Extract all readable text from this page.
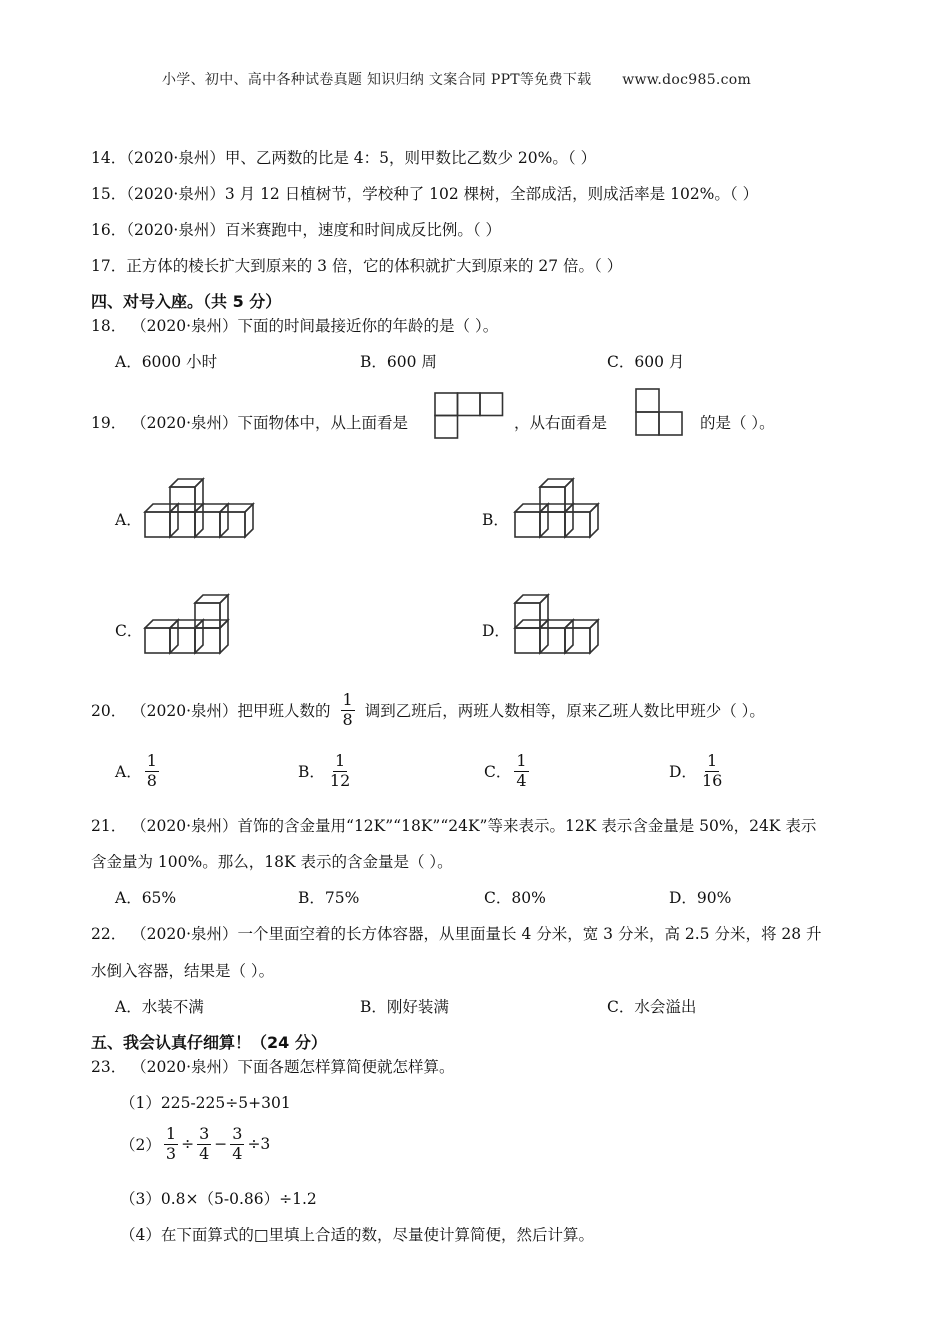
小学、初中、高中各种试卷真题 知识归纳 文案合同 PPT等免费下载 www.doc985.com
14．（2020·泉州）甲、乙两数的比是 4：5，则甲数比乙数少 20%。（ ）
15．（2020·泉州）3 月 12 日植树节，学校种了 102 棵树，全部成活，则成活率是 102%。（ ）
16．（2020·泉州）百米赛跑中，速度和时间成反比例。（ ）
17．正方体的棱长扩大到原来的 3 倍，它的体积就扩大到原来的 27 倍。（ ）
四、对号入座。（共 5 分）
18． （2020·泉州）下面的时间最接近你的年龄的是（ ）。
A．6000 小时	B．600 周	C．600 月
19． （2020·泉州）下面物体中，从上面看是	，从右面看是	的是（ ）。
A．	B．
C．	D．
20． （2020·泉州）把甲班人数的 $\frac{1}{8}$ 调到乙班后，两班人数相等，原来乙班人数比甲班少（ ）。
A． $\frac{1}{8}$	B． $\frac{1}{12}$	C． $\frac{1}{4}$	D． $\frac{1}{16}$
21． （2020·泉州）首饰的含金量用“12K”“18K”“24K”等来表示。12K 表示含金量是 50%，24K 表示
含金量为 100%。那么，18K 表示的含金量是（ ）。
A．65%	B．75%	C．80%	D．90%
22． （2020·泉州）一个里面空着的长方体容器，从里面量长 4 分米，宽 3 分米，高 2.5 分米，将 28 升
水倒入容器，结果是（ ）。
A．水装不满	B．刚好装满	C．水会溢出
五、我会认真仔细算！（24 分）
23． （2020·泉州）下面各题怎样算简便就怎样算。
（1）225-225÷5+301
$(2) \frac{1}{3} \div \frac{3}{4} - \frac{3}{4} \div 3$
（3）0.8×（5-0.86）÷1.2
（4）在下面算式的□里填上合适的数，尽量使计算简便，然后计算。
